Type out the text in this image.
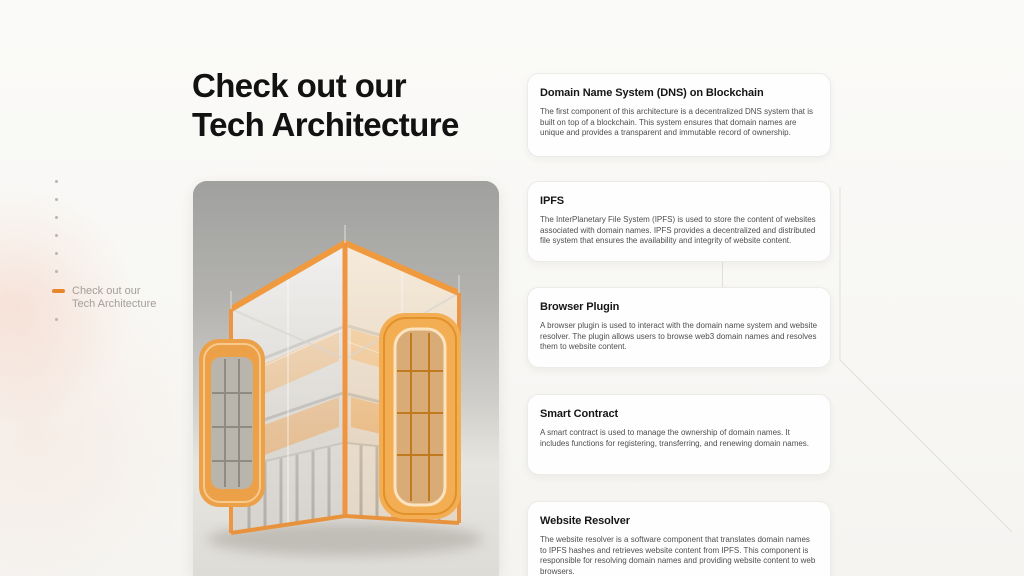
Check out our
Tech Architecture
Check out our
Tech Architecture
Domain Name System (DNS) on Blockchain

The first component of this architecture is a decentralized DNS system that is built on top of a blockchain. This system ensures that domain names are unique and provides a transparent and immutable record of ownership.

IPFS

The InterPlanetary File System (IPFS) is used to store the content of websites associated with domain names. IPFS provides a decentralized and distributed file system that ensures the availability and integrity of website content.

Browser Plugin

A browser plugin is used to interact with the domain name system and website resolver. The plugin allows users to browse web3 domain names and resolves them to website content.

Smart Contract

A smart contract is used to manage the ownership of domain names. It includes functions for registering, transferring, and renewing domain names.

Website Resolver

The website resolver is a software component that translates domain names to IPFS hashes and retrieves website content from IPFS. This component is responsible for resolving domain names and providing website content to web browsers.
